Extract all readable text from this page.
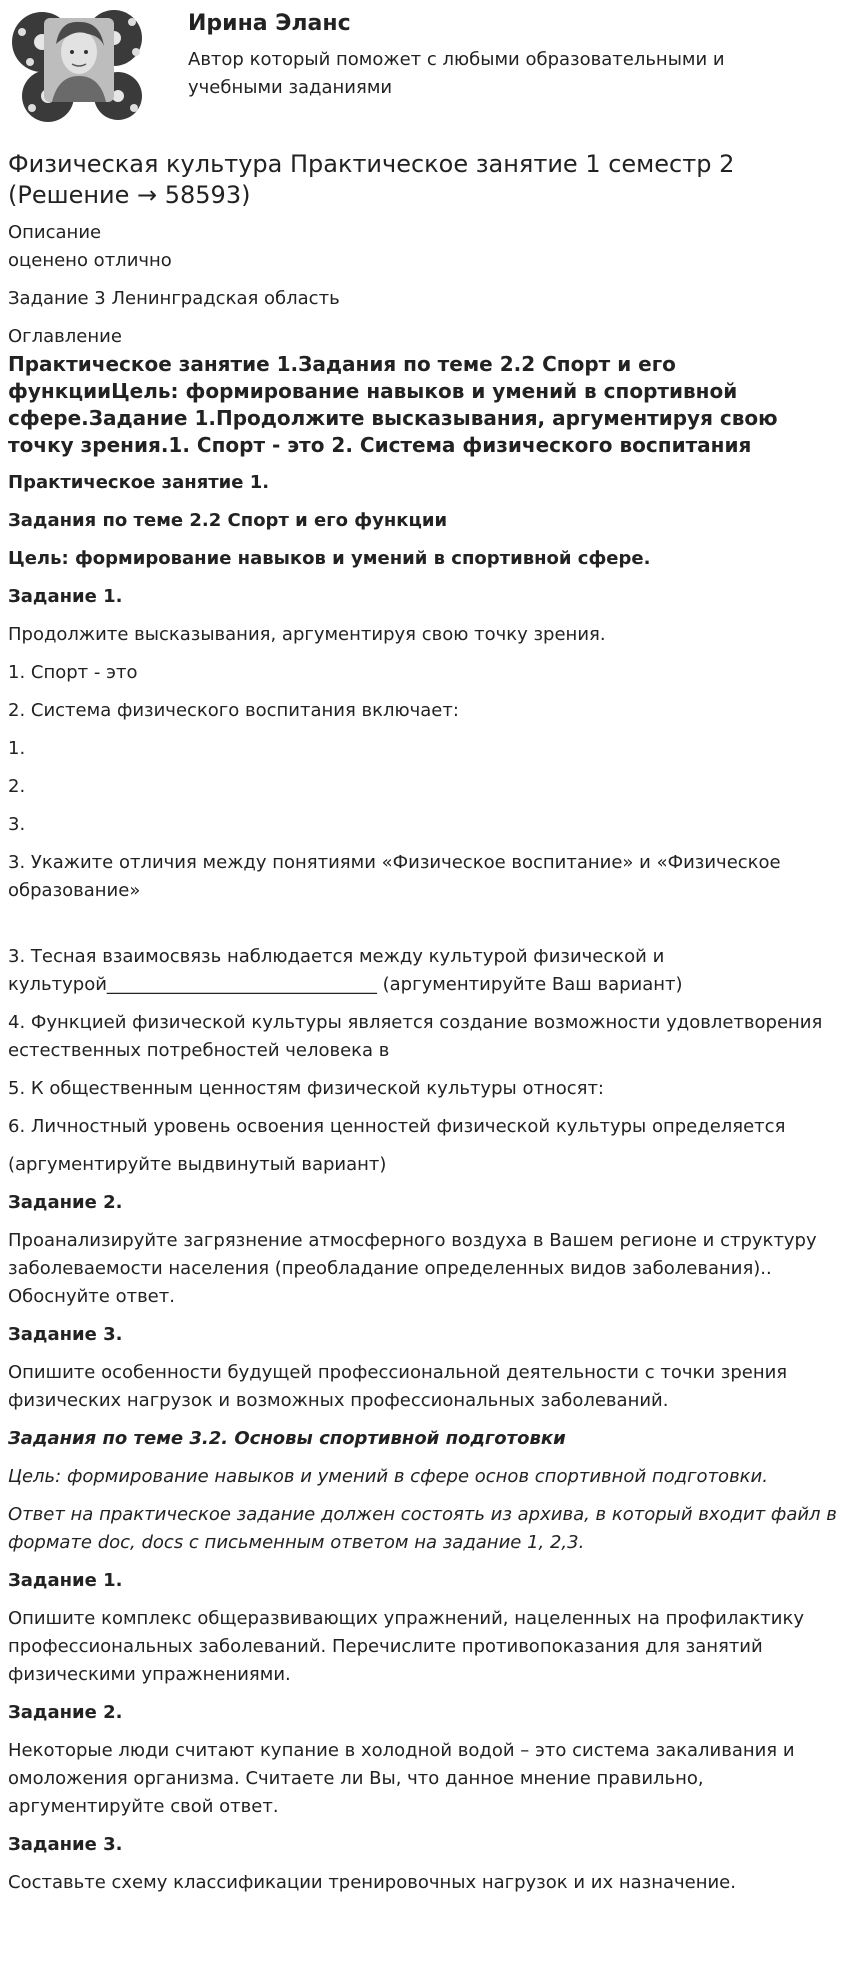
Ирина Эланс
Автор который поможет с любыми образовательными и учебными заданиями
Физическая культура Практическое занятие 1 семестр 2 (Решение → 58593)
Описание
оценено отлично
Задание 3 Ленинградская область
Оглавление
Практическое занятие 1.Задания по теме 2.2 Спорт и его функцииЦель: формирование навыков и умений в спортивной сфере.Задание 1.Продолжите высказывания, аргументируя свою точку зрения.1. Спорт - это 2. Система физического воспитания

Практическое занятие 1.

Задания по теме 2.2 Спорт и его функции

Цель: формирование навыков и умений в спортивной сфере.

Задание 1.

Продолжите высказывания, аргументируя свою точку зрения.

1. Спорт - это

2. Система физического воспитания включает:

1.

2.

3.

3. Укажите отличия между понятиями «Физическое воспитание» и «Физическое образование»

3. Тесная взаимосвязь наблюдается между культурой физической и культурой______________________________ (аргументируйте Ваш вариант)

4. Функцией физической культуры является создание возможности удовлетворения естественных потребностей человека в

5. К общественным ценностям физической культуры относят:

6. Личностный уровень освоения ценностей физической культуры определяется

(аргументируйте выдвинутый вариант)

Задание 2.

Проанализируйте загрязнение атмосферного воздуха в Вашем регионе и структуру заболеваемости населения (преобладание определенных видов заболевания).. Обоснуйте ответ.

Задание 3.

Опишите особенности будущей профессиональной деятельности с точки зрения физических нагрузок и возможных профессиональных заболеваний.

Задания по теме 3.2. Основы спортивной подготовки

Цель: формирование навыков и умений в сфере основ спортивной подготовки.

Ответ на практическое задание должен состоять из архива, в который входит файл в формате doc, docs с письменным ответом на задание 1, 2,3.

Задание 1.

Опишите комплекс общеразвивающих упражнений, нацеленных на профилактику профессиональных заболеваний. Перечислите противопоказания для занятий физическими упражнениями.

Задание 2.

Некоторые люди считают купание в холодной водой – это система закаливания и омоложения организма. Считаете ли Вы, что данное мнение правильно, аргументируйте свой ответ.

Задание 3.

Составьте схему классификации тренировочных нагрузок и их назначение.
